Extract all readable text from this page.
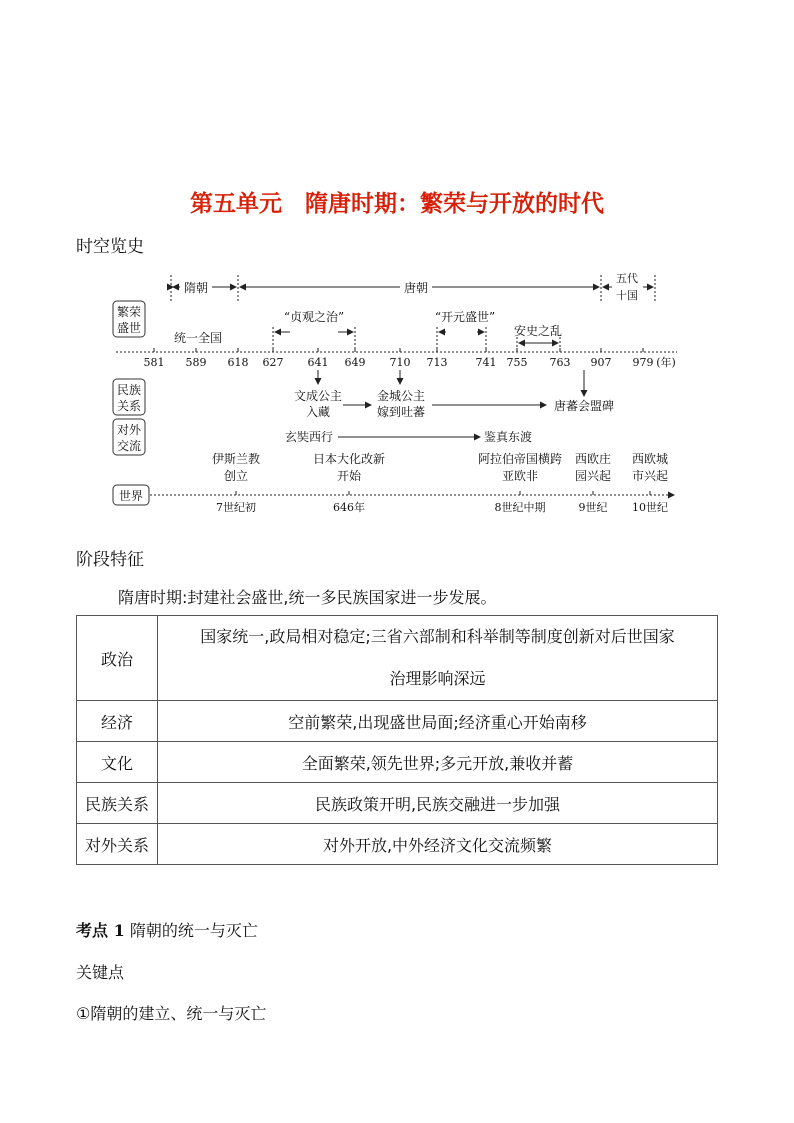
第五单元　隋唐时期：繁荣与开放的时代
时空览史
繁荣
盛世
民族
关系
对外
交流
世界
隋朝	唐朝
五代
十国
统一全国
“贞观之治”	“开元盛世”
安史之乱
581 589 618 627 641 649 710 713	741 755 763 907 979 (年)
文成公主
入藏
金城公主
嫁到吐蕃	唐蕃会盟碑
玄奘西行	鉴真东渡
伊斯兰教
创立
日本大化改新
开始
阿拉伯帝国横跨
亚欧非
西欧庄
园兴起
西欧城
市兴起
7世纪初	646年	8世纪中期	9世纪 10世纪
阶段特征
隋唐时期:封建社会盛世,统一多民族国家进一步发展。
政治	国家统一,政局相对稳定;三省六部制和科举制等制度创新对后世国家
治理影响深远

经济	空前繁荣,出现盛世局面;经济重心开始南移
文化	全面繁荣,领先世界;多元开放,兼收并蓄
民族关系	民族政策开明,民族交融进一步加强
对外关系	对外开放,中外经济文化交流频繁
考点 1 隋朝的统一与灭亡
关键点
①隋朝的建立、统一与灭亡
